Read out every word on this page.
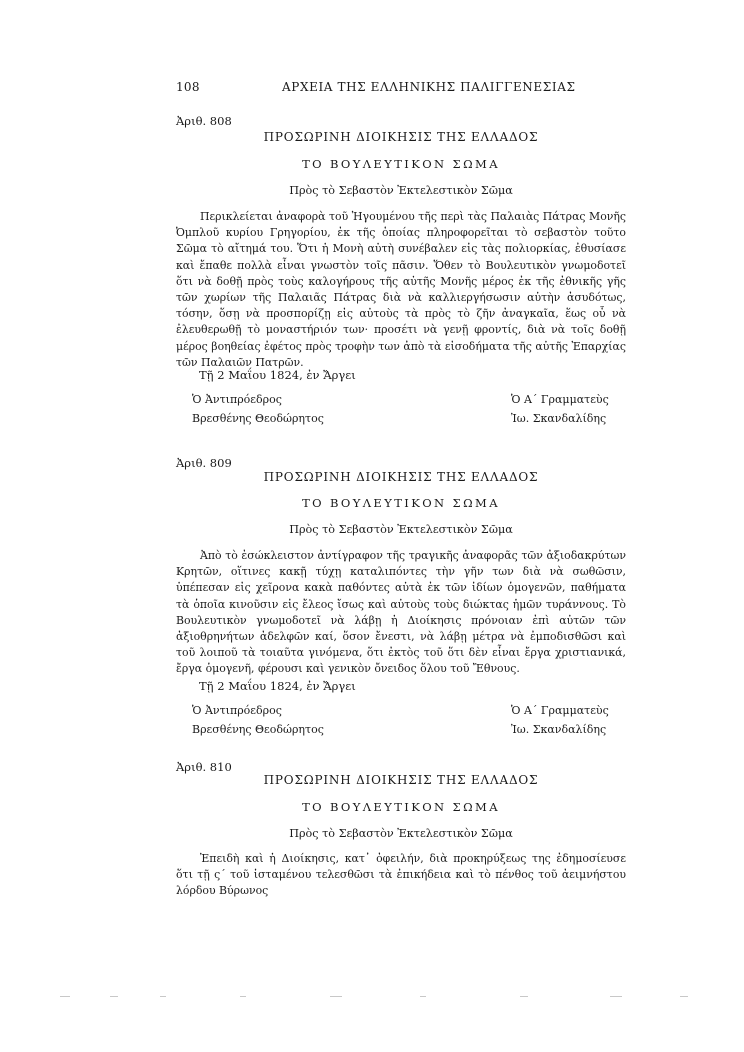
108	ΑΡΧΕΙΑ ΤΗΣ ΕΛΛΗΝΙΚΗΣ ΠΑΛΙΓΓΕΝΕΣΙΑΣ
Ἀριθ. 808
ΠΡΟΣΩΡΙΝΗ ΔΙΟΙΚΗΣΙΣ ΤΗΣ ΕΛΛΑΔΟΣ
ΤΟ ΒΟΥΛΕΥΤΙΚΟΝ ΣΩΜΑ
Πρὸς τὸ Σεβαστὸν Ἐκτελεστικὸν Σῶμα

Περικλείεται ἀναφορὰ τοῦ Ἡγουμένου τῆς περὶ τὰς Παλαιὰς Πάτρας Μονῆς Ὀμπλοῦ κυρίου Γρηγορίου, ἐκ τῆς ὁποίας πληροφορεῖται τὸ σεβαστὸν τοῦτο Σῶμα τὸ αἴτημά του. Ὅτι ἡ Μονὴ αὐτὴ συνέβαλεν εἰς τὰς πολιορκίας, ἐθυσίασε καὶ ἔπαθε πολλὰ εἶναι γνωστὸν τοῖς πᾶσιν. Ὅθεν τὸ Βουλευτικὸν γνωμοδοτεῖ ὅτι νὰ δοθῇ πρὸς τοὺς καλογήρους τῆς αὐτῆς Μονῆς μέρος ἐκ τῆς ἐθνικῆς γῆς τῶν χωρίων τῆς Παλαιᾶς Πάτρας διὰ νὰ καλλιεργήσωσιν αὐτὴν ἀσυδότως, τόσην, ὅσῃ νὰ προσπορίζῃ εἰς αὐτοὺς τὰ πρὸς τὸ ζῆν ἀναγκαῖα, ἕως οὗ νὰ ἐλευθερωθῇ τὸ μοναστήριόν των· προσέτι νὰ γενῇ φροντίς, διὰ νὰ τοῖς δοθῇ μέρος βοηθείας ἐφέτος πρὸς τροφὴν των ἀπὸ τὰ εἰσοδήματα τῆς αὐτῆς Ἐπαρχίας τῶν Παλαιῶν Πατρῶν.

Τῇ 2 Μαΐου 1824, ἐν Ἄργει
Ὁ Ἀντιπρόεδρος
Βρεσθένης Θεοδώρητος
Ὁ Α΄ Γραμματεὺς
Ἰω. Σκανδαλίδης
Ἀριθ. 809
ΠΡΟΣΩΡΙΝΗ ΔΙΟΙΚΗΣΙΣ ΤΗΣ ΕΛΛΑΔΟΣ
ΤΟ ΒΟΥΛΕΥΤΙΚΟΝ ΣΩΜΑ
Πρὸς τὸ Σεβαστὸν Ἐκτελεστικὸν Σῶμα

Ἀπὸ τὸ ἐσώκλειστον ἀντίγραφον τῆς τραγικῆς ἀναφορᾶς τῶν ἀξιοδακρύτων Κρητῶν, οἵτινες κακῇ τύχῃ καταλιπόντες τὴν γῆν των διὰ νὰ σωθῶσιν, ὑπέπεσαν εἰς χεῖρονα κακὰ παθόντες αὐτὰ ἐκ τῶν ἰδίων ὁμογενῶν, παθήματα τὰ ὁποῖα κινοῦσιν εἰς ἔλεος ἴσως καὶ αὐτοὺς τοὺς διώκτας ἡμῶν τυράννους. Τὸ Βουλευτικὸν γνωμοδοτεῖ νὰ λάβῃ ἡ Διοίκησις πρόνοιαν ἐπὶ αὐτῶν τῶν ἀξιοθρηνήτων ἀδελφῶν καί, ὅσον ἔνεστι, νὰ λάβῃ μέτρα νὰ ἐμποδισθῶσι καὶ τοῦ λοιποῦ τὰ τοιαῦτα γινόμενα, ὅτι ἐκτὸς τοῦ ὅτι δὲν εἶναι ἔργα χριστιανικά, ἔργα ὁμογενῆ, φέρουσι καὶ γενικὸν ὄνειδος ὅλου τοῦ Ἔθνους.

Τῇ 2 Μαΐου 1824, ἐν Ἄργει
Ὁ Ἀντιπρόεδρος
Βρεσθένης Θεοδώρητος
Ὁ Α΄ Γραμματεὺς
Ἰω. Σκανδαλίδης
Ἀριθ. 810
ΠΡΟΣΩΡΙΝΗ ΔΙΟΙΚΗΣΙΣ ΤΗΣ ΕΛΛΑΔΟΣ
ΤΟ ΒΟΥΛΕΥΤΙΚΟΝ ΣΩΜΑ
Πρὸς τὸ Σεβαστὸν Ἐκτελεστικὸν Σῶμα

Ἐπειδὴ καὶ ἡ Διοίκησις, κατ᾽ ὀφειλήν, διὰ προκηρύξεως της ἐδημοσίευσε ὅτι τῇ ς΄ τοῦ ἱσταμένου τελεσθῶσι τὰ ἐπικήδεια καὶ τὸ πένθος τοῦ ἀειμνήστου λόρδου Βύρωνος
